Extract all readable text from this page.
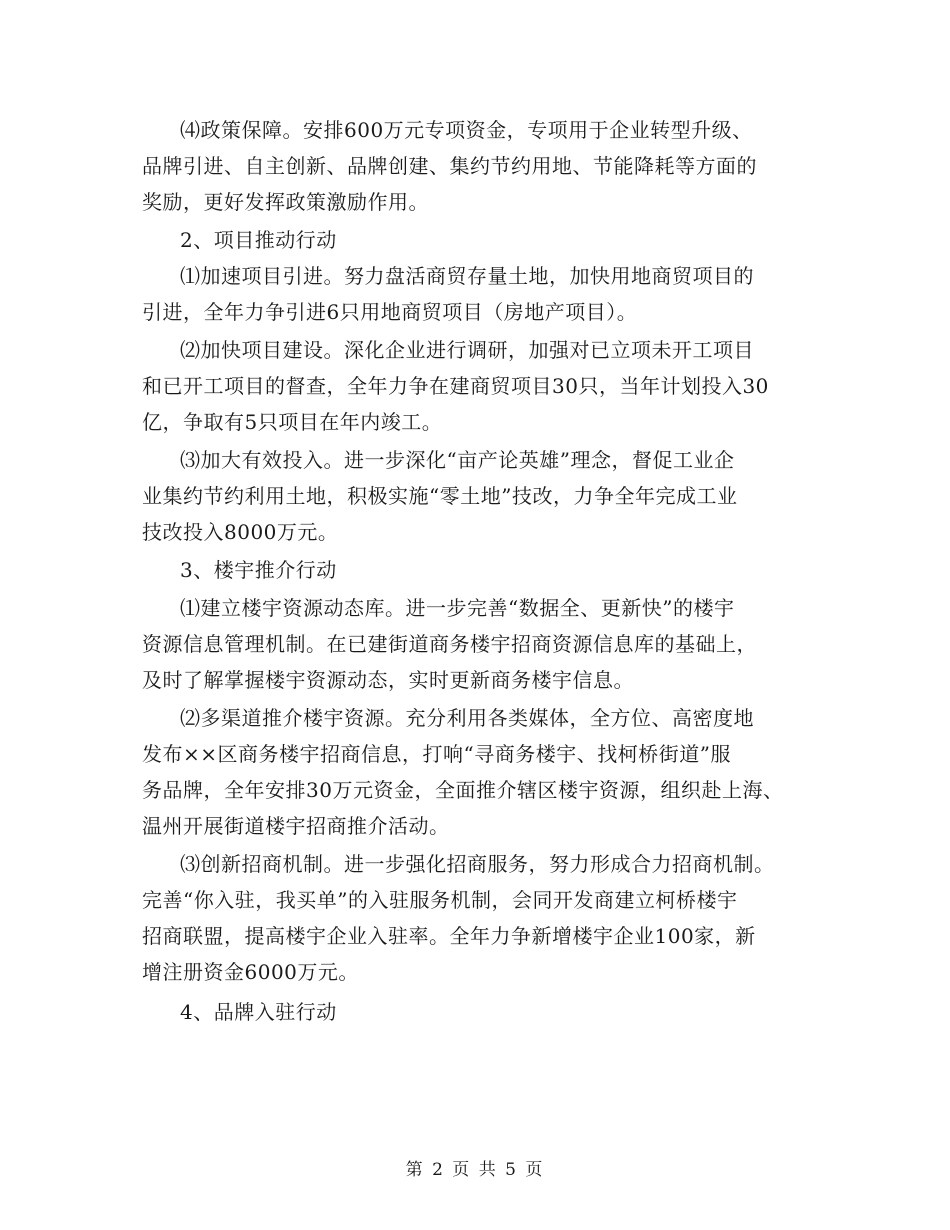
⑷政策保障。安排600万元专项资金，专项用于企业转型升级、
品牌引进、自主创新、品牌创建、集约节约用地、节能降耗等方面的
奖励，更好发挥政策激励作用。
2、项目推动行动
⑴加速项目引进。努力盘活商贸存量土地，加快用地商贸项目的
引进，全年力争引进6只用地商贸项目（房地产项目）。
⑵加快项目建设。深化企业进行调研，加强对已立项未开工项目
和已开工项目的督查，全年力争在建商贸项目30只，当年计划投入30
亿，争取有5只项目在年内竣工。
⑶加大有效投入。进一步深化“亩产论英雄”理念，督促工业企
业集约节约利用土地，积极实施“零土地”技改，力争全年完成工业
技改投入8000万元。
3、楼宇推介行动
⑴建立楼宇资源动态库。进一步完善“数据全、更新快”的楼宇
资源信息管理机制。在已建街道商务楼宇招商资源信息库的基础上，
及时了解掌握楼宇资源动态，实时更新商务楼宇信息。
⑵多渠道推介楼宇资源。充分利用各类媒体，全方位、高密度地
发布××区商务楼宇招商信息，打响“寻商务楼宇、找柯桥街道”服
务品牌，全年安排30万元资金，全面推介辖区楼宇资源，组织赴上海、
温州开展街道楼宇招商推介活动。
⑶创新招商机制。进一步强化招商服务，努力形成合力招商机制。
完善“你入驻，我买单”的入驻服务机制，会同开发商建立柯桥楼宇
招商联盟，提高楼宇企业入驻率。全年力争新增楼宇企业100家，新
增注册资金6000万元。
4、品牌入驻行动
第 2 页 共 5 页
